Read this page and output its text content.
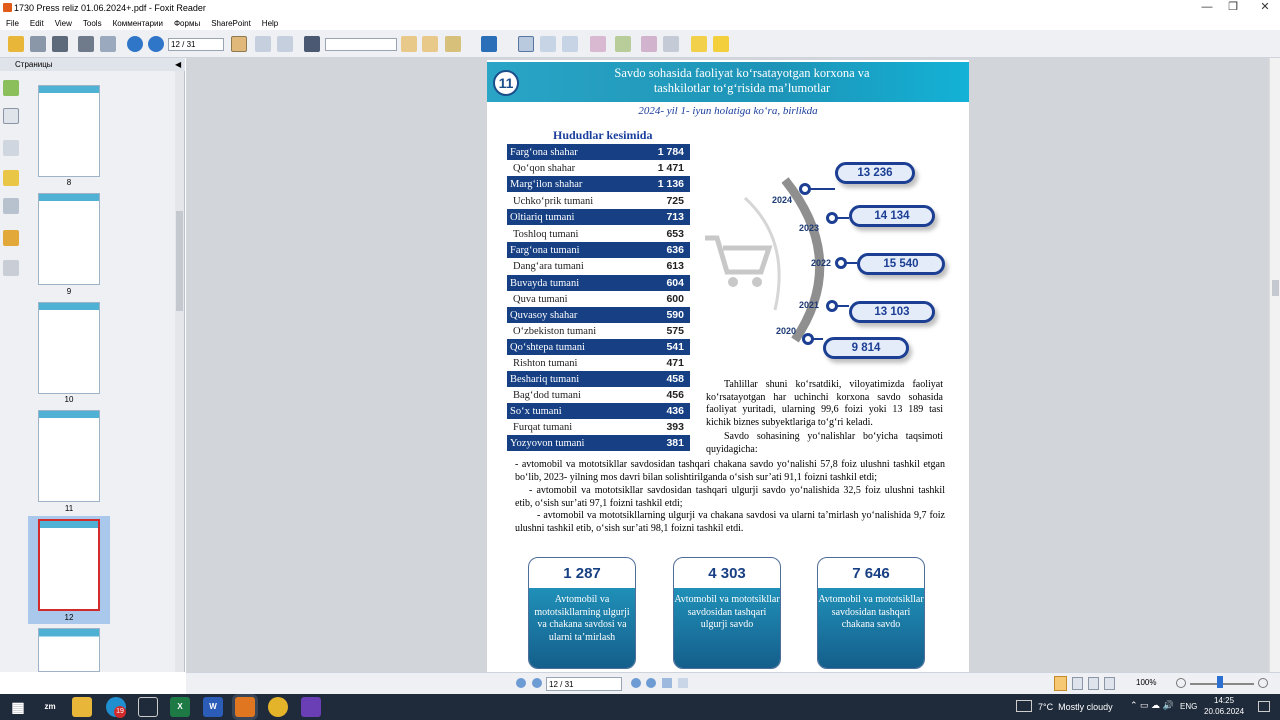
1730 Press reliz 01.06.2024+.pdf - Foxit Reader	—	❐	✕
File Edit View Tools Комментарии Формы SharePoint Help
12 / 31
Страницы	◀
8
9
10
11
12
11
Savdo sohasida faoliyat ko‘rsatayotgan korxona va
tashkilotlar to‘g‘risida ma’lumotlar
2024- yil 1- iyun holatiga ko‘ra, birlikda
Hududlar kesimida
Farg‘ona shahar	1 784
Qo‘qon shahar	1 471
Marg‘ilon shahar	1 136
Uchko‘prik tumani	725
Oltiariq tumani	713
Toshloq tumani	653
Farg‘ona tumani	636
Dang‘ara tumani	613
Buvayda tumani	604
Quva tumani	600
Quvasoy shahar	590
O‘zbekiston tumani	575
Qo‘shtepa tumani	541
Rishton tumani	471
Beshariq tumani	458
Bag‘dod tumani	456
So‘x tumani	436
Furqat tumani	393
Yozyovon tumani	381
2024
13 236
2023
14 134
2022	15 540
2021
13 103
2020
9 814
Tahlillar shuni ko‘rsatdiki, viloyatimizda faoliyat ko‘rsatayotgan har uchinchi korxona savdo sohasida faoliyat yuritadi, ularning 99,6 foizi yoki 13 189 tasi kichik biznes subyektlariga to‘g‘ri keladi.
Savdo sohasining yo‘nalishlar bo‘yicha taqsimoti quyidagicha:
- avtomobil va mototsikllar savdosidan tashqari chakana savdo yo‘nalishi 57,8 foiz ulushni tashkil etgan bo‘lib, 2023- yilning mos davri bilan solishtirilganda o‘sish sur’ati 91,1 foizni tashkil etdi;
- avtomobil va mototsikllar savdosidan tashqari ulgurji savdo yo‘nalishida 32,5 foiz ulushni tashkil etib, o‘sish sur’ati 97,1 foizni tashkil etdi;
- avtomobil va mototsikllarning ulgurji va chakana savdosi va ularni ta’mirlash yo‘nalishida 9,7 foiz ulushni tashkil etib, o‘sish sur’ati 98,1 foizni tashkil etdi.
1 287
Avtomobil va mototsikllarning ulgurji va chakana savdosi va ularni ta’mirlash
4 303
Avtomobil va mototsikllar savdosidan tashqari ulgurji savdo
7 646
Avtomobil va mototsikllar savdosidan tashqari chakana savdo
12 / 31
100%
▦	zm
19
X	W	7°C  Mostly cloudy ⌃ ▭ ☁ 🔊 ENG
14:25
20.06.2024
